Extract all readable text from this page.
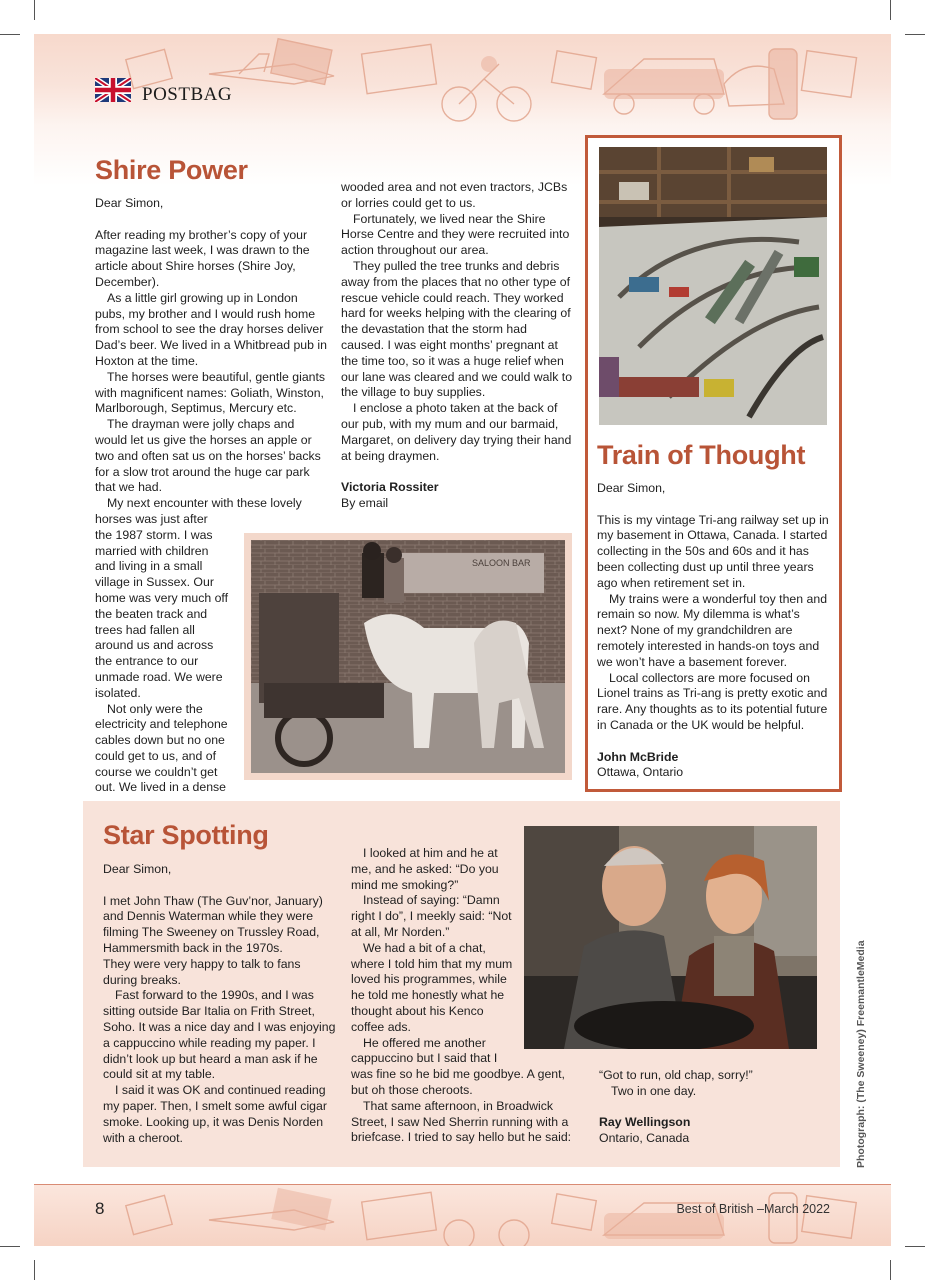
POSTBAG
Shire Power

Dear Simon,

After reading my brother’s copy of your magazine last week, I was drawn to the article about Shire horses (Shire Joy, December).

As a little girl growing up in London pubs, my brother and I would rush home from school to see the dray horses deliver Dad’s beer. We lived in a Whitbread pub in Hoxton at the time.

The horses were beautiful, gentle giants with magnificent names: Goliath, Winston, Marlborough, Septimus, Mercury etc.

The drayman were jolly chaps and would let us give the horses an apple or two and often sat us on the horses’ backs for a slow trot around the huge car park that we had.

My next encounter with these lovely horses was just after

the 1987 storm. I was married with children and living in a small village in Sussex. Our home was very much off the beaten track and trees had fallen all around us and across the entrance to our unmade road. We were isolated.

Not only were the electricity and telephone cables down but no one could get to us, and of course we couldn’t get out. We lived in a dense

wooded area and not even tractors, JCBs or lorries could get to us.

Fortunately, we lived near the Shire Horse Centre and they were recruited into action throughout our area.

They pulled the tree trunks and debris away from the places that no other type of rescue vehicle could reach. They worked hard for weeks helping with the clearing of the devastation that the storm had caused. I was eight months’ pregnant at the time too, so it was a huge relief when our lane was cleared and we could walk to the village to buy supplies.

I enclose a photo taken at the back of our pub, with my mum and our barmaid, Margaret, on delivery day trying their hand at being draymen.

Victoria Rossiter

By email

SALOON BAR
Train of Thought

Dear Simon,

This is my vintage Tri-ang railway set up in my basement in Ottawa, Canada. I started collecting in the 50s and 60s and it has been collecting dust up until three years ago when retirement set in.

My trains were a wonderful toy then and remain so now. My dilemma is what’s next? None of my grandchildren are remotely interested in hands-on toys and we won’t have a basement forever.

Local collectors are more focused on Lionel trains as Tri-ang is pretty exotic and rare. Any thoughts as to its potential future in Canada or the UK would be helpful.

John McBride

Ottawa, Ontario

Star Spotting

Dear Simon,

I met John Thaw (The Guv’nor, January) and Dennis Waterman while they were filming The Sweeney on Trussley Road, Hammersmith back in the 1970s.

They were very happy to talk to fans during breaks.

Fast forward to the 1990s, and I was sitting outside Bar Italia on Frith Street, Soho. It was a nice day and I was enjoying a cappuccino while reading my paper. I didn’t look up but heard a man ask if he could sit at my table.

I said it was OK and continued reading my paper. Then, I smelt some awful cigar smoke. Looking up, it was Denis Norden with a cheroot.

I looked at him and he at me, and he asked: “Do you mind me smoking?”

Instead of saying: “Damn right I do”, I meekly said: “Not at all, Mr Norden.”

We had a bit of a chat, where I told him that my mum loved his programmes, while he told me honestly what he thought about his Kenco coffee ads.

He offered me another cappuccino but I said that I

was fine so he bid me goodbye. A gent, but oh those cheroots.

That same afternoon, in Broadwick Street, I saw Ned Sherrin running with a briefcase. I tried to say hello but he said:

“Got to run, old chap, sorry!”

Two in one day.

Ray Wellingson

Ontario, Canada	Photograph: (The Sweeney) FreemantleMedia
8	Best of British –March 2022
